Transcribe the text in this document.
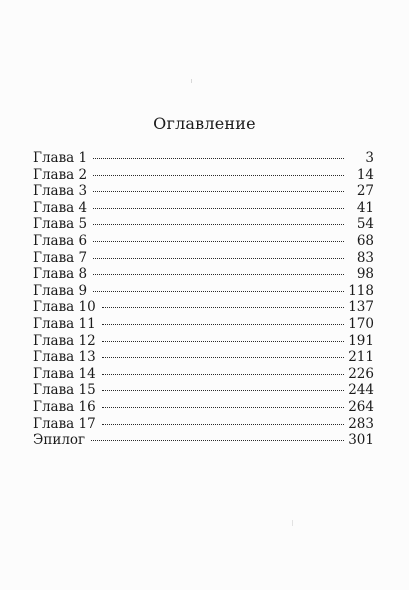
Оглавление
Глава 1	3
Глава 2	14
Глава 3	27
Глава 4	41
Глава 5	54
Глава 6	68
Глава 7	83
Глава 8	98
Глава 9	118
Глава 10	137
Глава 11	170
Глава 12	191
Глава 13	211
Глава 14	226
Глава 15	244
Глава 16	264
Глава 17	283
Эпилог	301
